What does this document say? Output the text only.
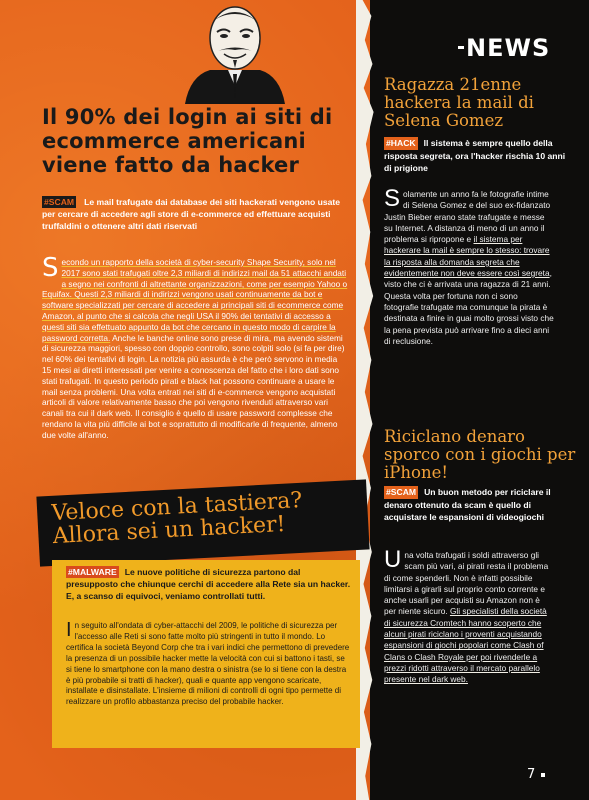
Il 90% dei login ai siti di ecommerce americani viene fatto da hacker
#SCAM Le mail trafugate dai database dei siti hackerati vengono usate per cercare di accedere agli store di e-commerce ed effettuare acquisti truffaldini o ottenere altri dati riservati
Secondo un rapporto della società di cyber-security Shape Security, solo nel 2017 sono stati trafugati oltre 2,3 miliardi di indirizzi mail da 51 attacchi andati a segno nei confronti di altrettante organizzazioni, come per esempio Yahoo o Equifax. Questi 2,3 miliardi di indirizzi vengono usati continuamente da bot e software specializzati per cercare di accedere ai principali siti di ecommerce come Amazon, al punto che si calcola che negli USA il 90% dei tentativi di accesso a questi siti sia effettuato appunto da bot che cercano in questo modo di carpire la password corretta. Anche le banche online sono prese di mira, ma avendo sistemi di sicurezza maggiori, spesso con doppio controllo, sono colpiti solo (si fa per dire) nel 60% dei tentativi di login. La notizia più assurda è che però servono in media 15 mesi ai diretti interessati per venire a conoscenza del fatto che i loro dati sono stati trafugati. In questo periodo pirati e black hat possono continuare a usare le mail senza problemi. Una volta entrati nei siti di e-commerce vengono acquistati articoli di valore relativamente basso che poi vengono rivenduti attraverso vari canali tra cui il dark web. Il consiglio è quello di usare password complesse che rendano la vita più difficile ai bot e soprattutto di modificarle di frequente, almeno due volte all'anno.
Veloce con la tastiera? Allora sei un hacker!
#MALWARE Le nuove politiche di sicurezza partono dal presupposto che chiunque cerchi di accedere alla Rete sia un hacker. E, a scanso di equivoci, veniamo controllati tutti.
In seguito all'ondata di cyber-attacchi del 2009, le politiche di sicurezza per l'accesso alle Reti si sono fatte molto più stringenti in tutto il mondo. Lo certifica la società Beyond Corp che tra i vari indici che permettono di prevedere la presenza di un possibile hacker mette la velocità con cui si battono i tasti, se si tiene lo smartphone con la mano destra o sinistra (se lo si tiene con la destra è più probabile si tratti di hacker), quali e quante app vengono scaricate, installate e disinstallate. L'insieme di milioni di controlli di ogni tipo permette di realizzare un profilo abbastanza preciso del probabile hacker.
NEWS
Ragazza 21enne hackera la mail di Selena Gomez
#HACK Il sistema è sempre quello della risposta segreta, ora l'hacker rischia 10 anni di prigione
Solamente un anno fa le fotografie intime di Selena Gomez e del suo ex-fidanzato Justin Bieber erano state trafugate e messe su Internet. A distanza di meno di un anno il problema si ripropone e il sistema per hackerare la mail è sempre lo stesso: trovare la risposta alla domanda segreta che evidentemente non deve essere così segreta, visto che ci è arrivata una ragazza di 21 anni. Questa volta per fortuna non ci sono fotografie trafugate ma comunque la pirata è destinata a finire in guai molto grossi visto che la pena prevista può arrivare fino a dieci anni di reclusione.
Riciclano denaro sporco con i giochi per iPhone!
#SCAM Un buon metodo per riciclare il denaro ottenuto da scam è quello di acquistare le espansioni di videogiochi
Una volta trafugati i soldi attraverso gli scam più vari, ai pirati resta il problema di come spenderli. Non è infatti possibile limitarsi a girarli sul proprio conto corrente e anche usarli per acquisti su Amazon non è per niente sicuro. Gli specialisti della società di sicurezza Cromtech hanno scoperto che alcuni pirati riciclano i proventi acquistando espansioni di giochi popolari come Clash of Clans o Clash Royale per poi rivenderle a prezzi ridotti attraverso il mercato parallelo presente nel dark web.
7
